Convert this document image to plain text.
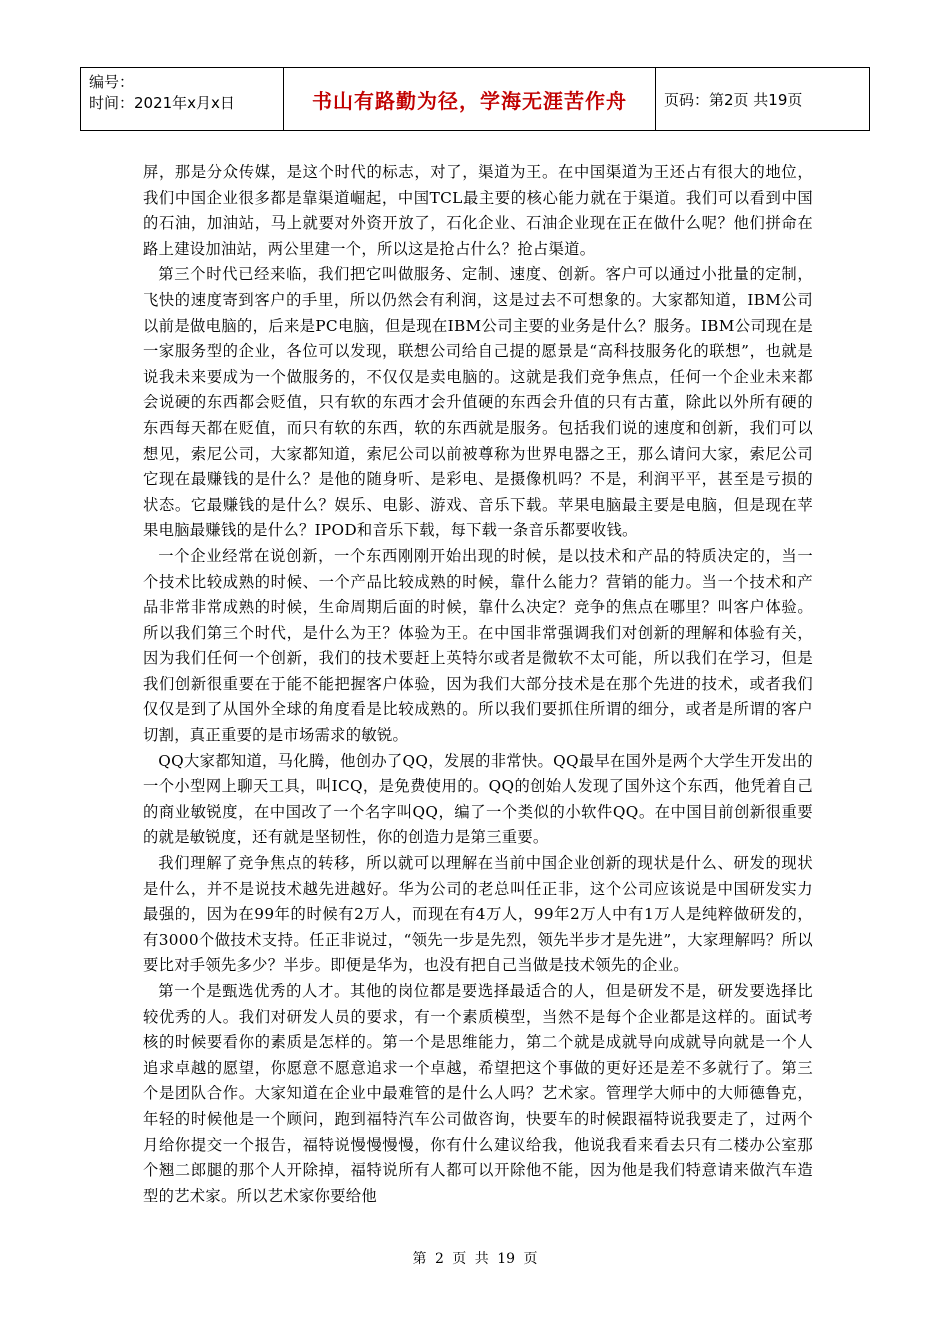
编号：
时间：2021年x月x日	书山有路勤为径，学海无涯苦作舟	页码：第2页 共19页

屏，那是分众传媒，是这个时代的标志，对了，渠道为王。在中国渠道为王还占有很大的地位，我们中国企业很多都是靠渠道崛起，中国TCL最主要的核心能力就在于渠道。我们可以看到中国的石油，加油站，马上就要对外资开放了，石化企业、石油企业现在正在做什么呢？他们拼命在路上建设加油站，两公里建一个，所以这是抢占什么？抢占渠道。

第三个时代已经来临，我们把它叫做服务、定制、速度、创新。客户可以通过小批量的定制，飞快的速度寄到客户的手里，所以仍然会有利润，这是过去不可想象的。大家都知道，IBM公司以前是做电脑的，后来是PC电脑，但是现在IBM公司主要的业务是什么？服务。IBM公司现在是一家服务型的企业，各位可以发现，联想公司给自己提的愿景是“高科技服务化的联想”，也就是说我未来要成为一个做服务的，不仅仅是卖电脑的。这就是我们竞争焦点，任何一个企业未来都会说硬的东西都会贬值，只有软的东西才会升值硬的东西会升值的只有古董，除此以外所有硬的东西每天都在贬值，而只有软的东西，软的东西就是服务。包括我们说的速度和创新，我们可以想见，索尼公司，大家都知道，索尼公司以前被尊称为世界电器之王，那么请问大家，索尼公司它现在最赚钱的是什么？是他的随身听、是彩电、是摄像机吗？不是，利润平平，甚至是亏损的状态。它最赚钱的是什么？娱乐、电影、游戏、音乐下载。苹果电脑最主要是电脑，但是现在苹果电脑最赚钱的是什么？IPOD和音乐下载，每下载一条音乐都要收钱。

一个企业经常在说创新，一个东西刚刚开始出现的时候，是以技术和产品的特质决定的，当一个技术比较成熟的时候、一个产品比较成熟的时候，靠什么能力？营销的能力。当一个技术和产品非常非常成熟的时候，生命周期后面的时候，靠什么决定？竞争的焦点在哪里？叫客户体验。所以我们第三个时代，是什么为王？体验为王。在中国非常强调我们对创新的理解和体验有关，因为我们任何一个创新，我们的技术要赶上英特尔或者是微软不太可能，所以我们在学习，但是我们创新很重要在于能不能把握客户体验，因为我们大部分技术是在那个先进的技术，或者我们仅仅是到了从国外全球的角度看是比较成熟的。所以我们要抓住所谓的细分，或者是所谓的客户切割，真正重要的是市场需求的敏锐。

QQ大家都知道，马化腾，他创办了QQ，发展的非常快。QQ最早在国外是两个大学生开发出的一个小型网上聊天工具，叫ICQ，是免费使用的。QQ的创始人发现了国外这个东西，他凭着自己的商业敏锐度，在中国改了一个名字叫QQ，编了一个类似的小软件QQ。在中国目前创新很重要的就是敏锐度，还有就是坚韧性，你的创造力是第三重要。

我们理解了竞争焦点的转移，所以就可以理解在当前中国企业创新的现状是什么、研发的现状是什么，并不是说技术越先进越好。华为公司的老总叫任正非，这个公司应该说是中国研发实力最强的，因为在99年的时候有2万人，而现在有4万人，99年2万人中有1万人是纯粹做研发的，有3000个做技术支持。任正非说过，“领先一步是先烈，领先半步才是先进”，大家理解吗？所以要比对手领先多少？半步。即便是华为，也没有把自己当做是技术领先的企业。

第一个是甄选优秀的人才。其他的岗位都是要选择最适合的人，但是研发不是，研发要选择比较优秀的人。我们对研发人员的要求，有一个素质模型，当然不是每个企业都是这样的。面试考核的时候要看你的素质是怎样的。第一个是思维能力，第二个就是成就导向成就导向就是一个人追求卓越的愿望，你愿意不愿意追求一个卓越，希望把这个事做的更好还是差不多就行了。第三个是团队合作。大家知道在企业中最难管的是什么人吗？艺术家。管理学大师中的大师德鲁克，年轻的时候他是一个顾问，跑到福特汽车公司做咨询，快要车的时候跟福特说我要走了，过两个月给你提交一个报告，福特说慢慢慢慢，你有什么建议给我，他说我看来看去只有二楼办公室那个翘二郎腿的那个人开除掉，福特说所有人都可以开除他不能，因为他是我们特意请来做汽车造型的艺术家。所以艺术家你要给他

第 2 页 共 19 页
